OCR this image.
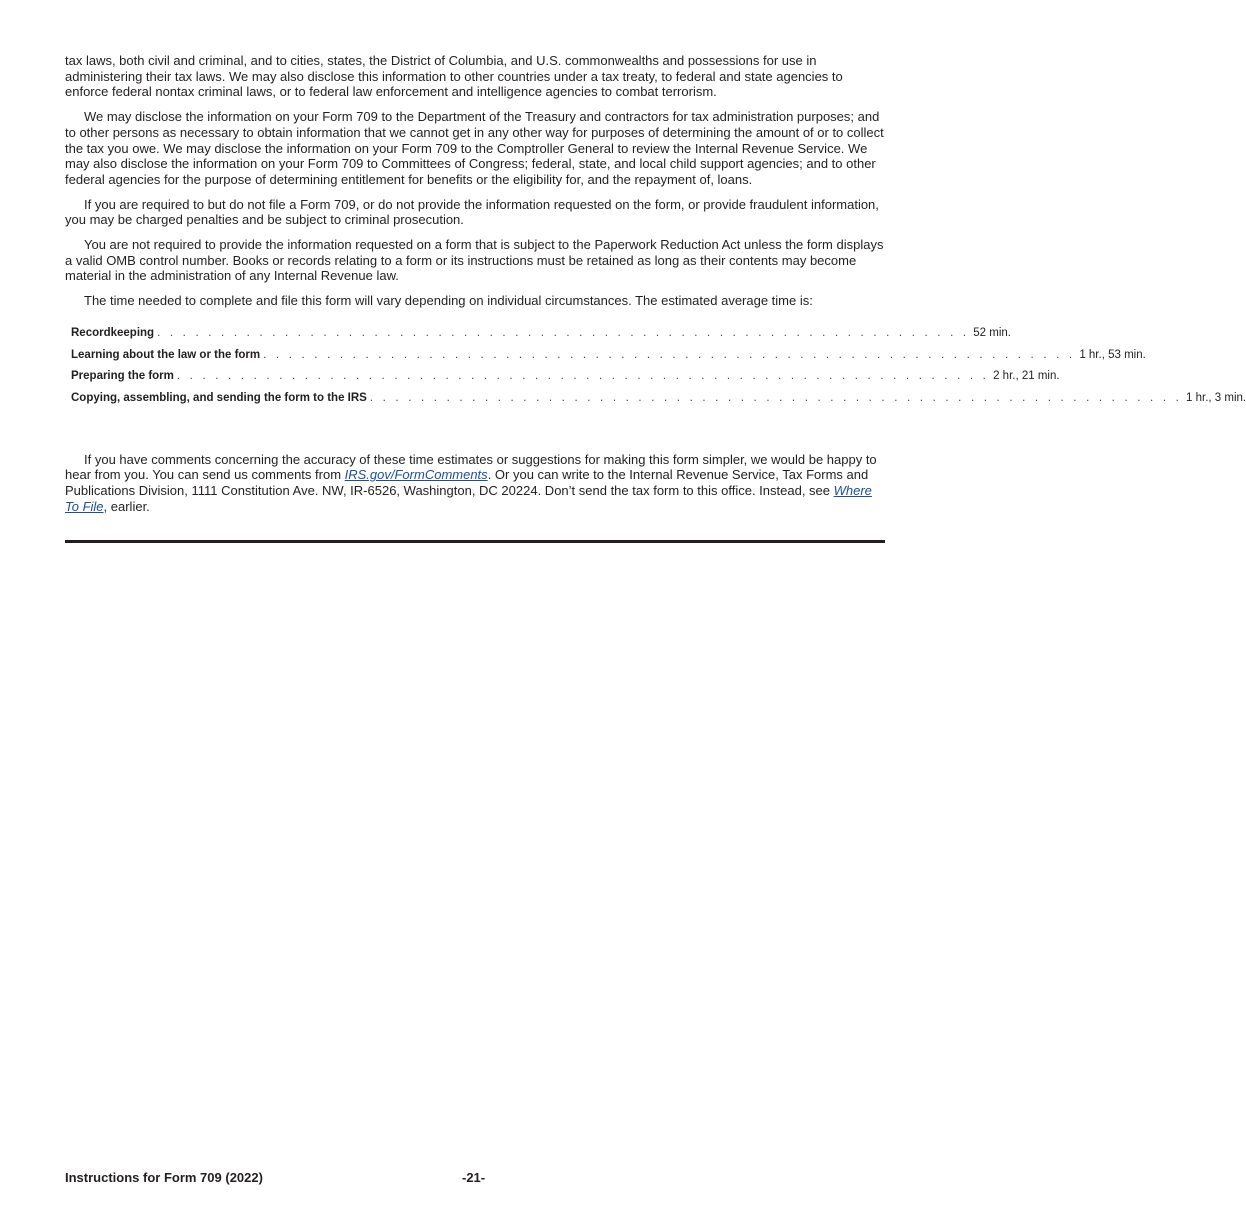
tax laws, both civil and criminal, and to cities, states, the District of Columbia, and U.S. commonwealths and possessions for use in administering their tax laws. We may also disclose this information to other countries under a tax treaty, to federal and state agencies to enforce federal nontax criminal laws, or to federal law enforcement and intelligence agencies to combat terrorism.

We may disclose the information on your Form 709 to the Department of the Treasury and contractors for tax administration purposes; and to other persons as necessary to obtain information that we cannot get in any other way for purposes of determining the amount of or to collect the tax you owe. We may disclose the information on your Form 709 to the Comptroller General to review the Internal Revenue Service. We may also disclose the information on your Form 709 to Committees of Congress; federal, state, and local child support agencies; and to other federal agencies for the purpose of determining entitlement for benefits or the eligibility for, and the repayment of, loans.

If you are required to but do not file a Form 709, or do not provide the information requested on the form, or provide fraudulent information, you may be charged penalties and be subject to criminal prosecution.

You are not required to provide the information requested on a form that is subject to the Paperwork Reduction Act unless the form displays a valid OMB control number. Books or records relating to a form or its instructions must be retained as long as their contents may become material in the administration of any Internal Revenue law.

The time needed to complete and file this form will vary depending on individual circumstances. The estimated average time is:

Recordkeeping . . . . . . . . . . . . . . . . . . . . . . . . . . . . . . . . . . . . . . . . . . . . . . . . . . . . . . . . . . . . . . . . 52 min.
Learning about the law or the form . . . . . . . . . . . . . . . . . . . . . . . . . . . . . . . . . . . . . . . . . . . . . . . . . . . . . . . . . . . . . . . . 1 hr., 53 min.
Preparing the form . . . . . . . . . . . . . . . . . . . . . . . . . . . . . . . . . . . . . . . . . . . . . . . . . . . . . . . . . . . . . . . . 2 hr., 21 min.
Copying, assembling, and sending the form to the IRS . . . . . . . . . . . . . . . . . . . . . . . . . . . . . . . . . . . . . . . . . . . . . . . . . . . . . . . . . . . . . . . . 1 hr., 3 min.

If you have comments concerning the accuracy of these time estimates or suggestions for making this form simpler, we would be happy to hear from you. You can send us comments from IRS.gov/FormComments. Or you can write to the Internal Revenue Service, Tax Forms and Publications Division, 1111 Constitution Ave. NW, IR-6526, Washington, DC 20224. Don’t send the tax form to this office. Instead, see Where To File, earlier.

Instructions for Form 709 (2022)	-21-
